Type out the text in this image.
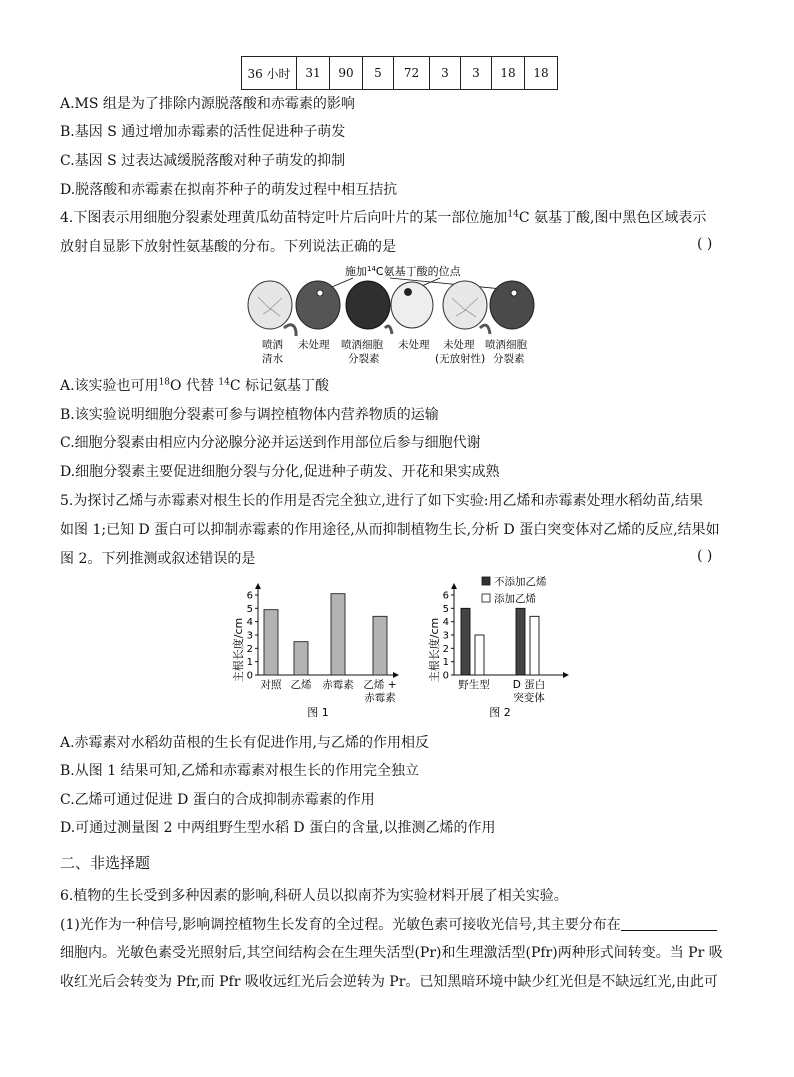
36 小时	31	90	5	72	3	3	18	18
A.MS 组是为了排除内源脱落酸和赤霉素的影响
B.基因 S 通过增加赤霉素的活性促进种子萌发
C.基因 S 过表达减缓脱落酸对种子萌发的抑制
D.脱落酸和赤霉素在拟南芥种子的萌发过程中相互拮抗
4.下图表示用细胞分裂素处理黄瓜幼苗特定叶片后向叶片的某一部位施加$^{14}$C 氨基丁酸,图中黑色区域表示
放射自显影下放射性氨基酸的分布。下列说法正确的是	( )
施加$^{14}$C氨基丁酸的位点
喷洒
清水
未处理 喷洒细胞
分裂素
未处理 未处理
(无放射性)
喷洒细胞
分裂素
A.该实验也可用$^{18}$O 代替 $^{14}$C 标记氨基丁酸
B.该实验说明细胞分裂素可参与调控植物体内营养物质的运输
C.细胞分裂素由相应内分泌腺分泌并运送到作用部位后参与细胞代谢
D.细胞分裂素主要促进细胞分裂与分化,促进种子萌发、开花和果实成熟
5.为探讨乙烯与赤霉素对根生长的作用是否完全独立,进行了如下实验:用乙烯和赤霉素处理水稻幼苗,结果
如图 1;已知 D 蛋白可以抑制赤霉素的作用途径,从而抑制植物生长,分析 D 蛋白突变体对乙烯的反应,结果如
图 2。下列推测或叙述错误的是	( )
主根长度/cm
图 1
对照 乙烯 赤霉素 乙烯 +
赤霉素
0
1
2
3
4
5
6
主根长度/cm
图 2
野生型 D 蛋白
突变体
不添加乙烯
添加乙烯
0
1
2
3
4
5
6
A.赤霉素对水稻幼苗根的生长有促进作用,与乙烯的作用相反
B.从图 1 结果可知,乙烯和赤霉素对根生长的作用完全独立
C.乙烯可通过促进 D 蛋白的合成抑制赤霉素的作用
D.可通过测量图 2 中两组野生型水稻 D 蛋白的含量,以推测乙烯的作用
二、非选择题
6.植物的生长受到多种因素的影响,科研人员以拟南芥为实验材料开展了相关实验。
(1)光作为一种信号,影响调控植物生长发育的全过程。光敏色素可接收光信号,其主要分布在
细胞内。光敏色素受光照射后,其空间结构会在生理失活型(Pr)和生理激活型(Pfr)两种形式间转变。当 Pr 吸
收红光后会转变为 Pfr,而 Pfr 吸收远红光后会逆转为 Pr。已知黑暗环境中缺少红光但是不缺远红光,由此可
